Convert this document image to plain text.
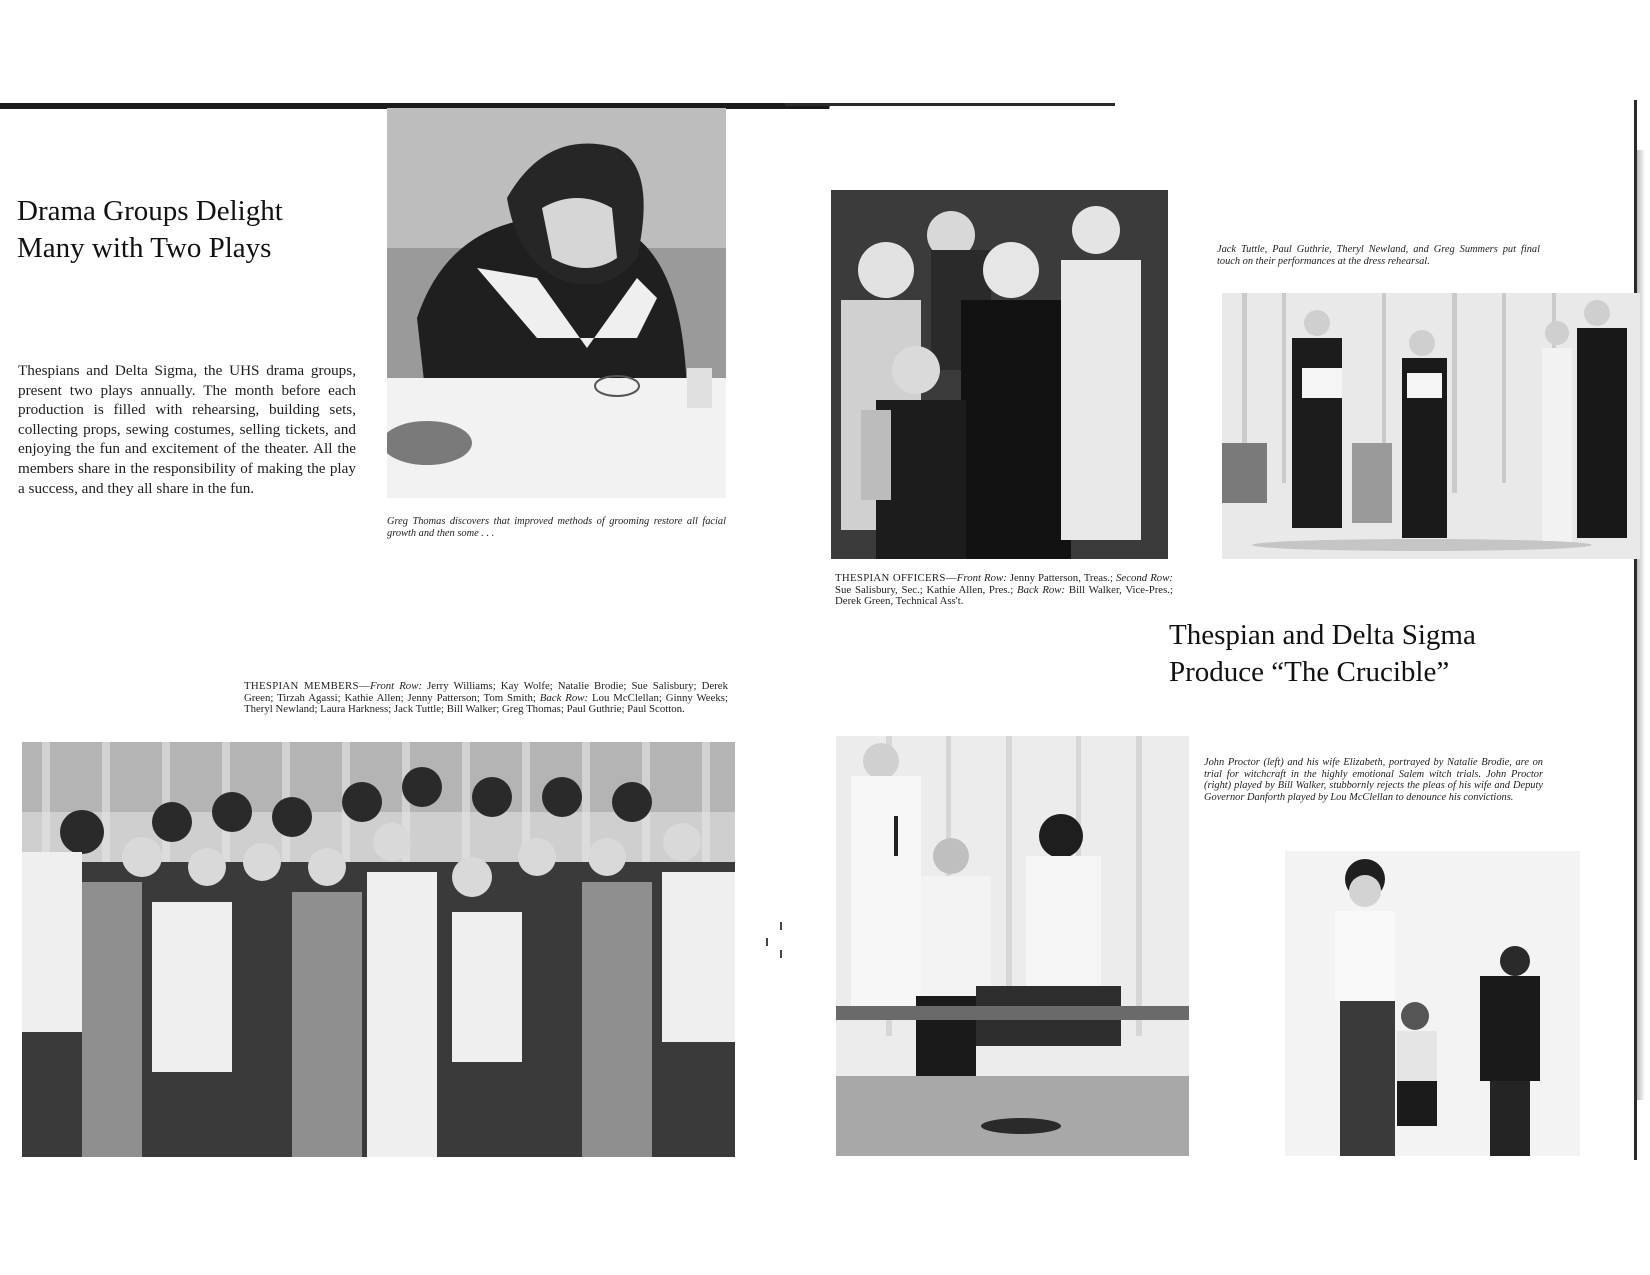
Drama Groups Delight
Many with Two Plays

Thespians and Delta Sigma, the UHS drama groups, present two plays annually. The month before each production is filled with rehearsing, building sets, collecting props, sewing costumes, selling tickets, and enjoying the fun and excitement of the theater. All the members share in the responsibility of making the play a success, and they all share in the fun.

Greg Thomas discovers that improved methods of grooming restore all facial growth and then some . . .

THESPIAN MEMBERS—Front Row: Jerry Williams; Kay Wolfe; Natalie Brodie; Sue Salisbury; Derek Green; Tirzah Agassi; Kathie Allen; Jenny Patterson; Tom Smith; Back Row: Lou McClellan; Ginny Weeks; Theryl Newland; Laura Harkness; Jack Tuttle; Bill Walker; Greg Thomas; Paul Guthrie; Paul Scotton.

THESPIAN OFFICERS—Front Row: Jenny Patterson, Treas.; Second Row: Sue Salisbury, Sec.; Kathie Allen, Pres.; Back Row: Bill Walker, Vice-Pres.; Derek Green, Technical Ass't.

Jack Tuttle, Paul Guthrie, Theryl Newland, and Greg Summers put final touch on their performances at the dress rehearsal.

Thespian and Delta Sigma
Produce “The Crucible”

John Proctor (left) and his wife Elizabeth, portrayed by Natalie Brodie, are on trial for witchcraft in the highly emotional Salem witch trials. John Proctor (right) played by Bill Walker, stubbornly rejects the pleas of his wife and Deputy Governor Danforth played by Lou McClellan to denounce his convictions.
